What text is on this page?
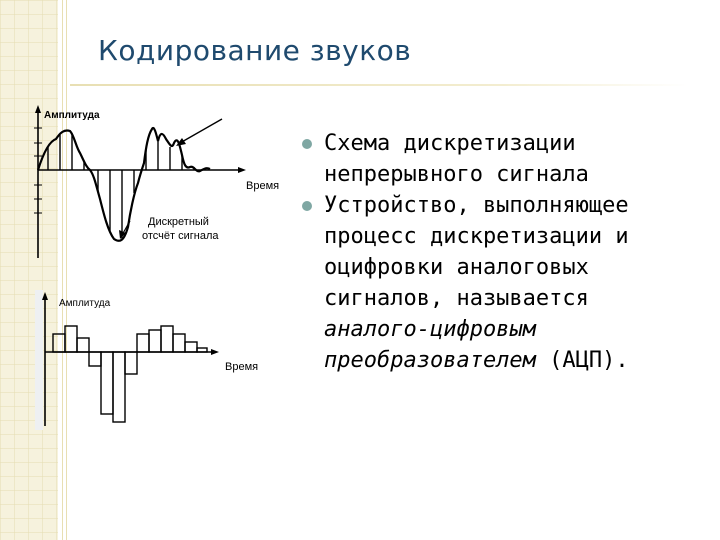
Кодирование звуков
Амплитуда
Время
Дискретный
отсчёт сигнала
Амплитуда
Время
Схема дискретизации непрерывного сигнала
Устройство, выполняющее процесс дискретизации и оцифровки аналоговых сигналов, называется аналого-цифровым преобразователем (АЦП).
